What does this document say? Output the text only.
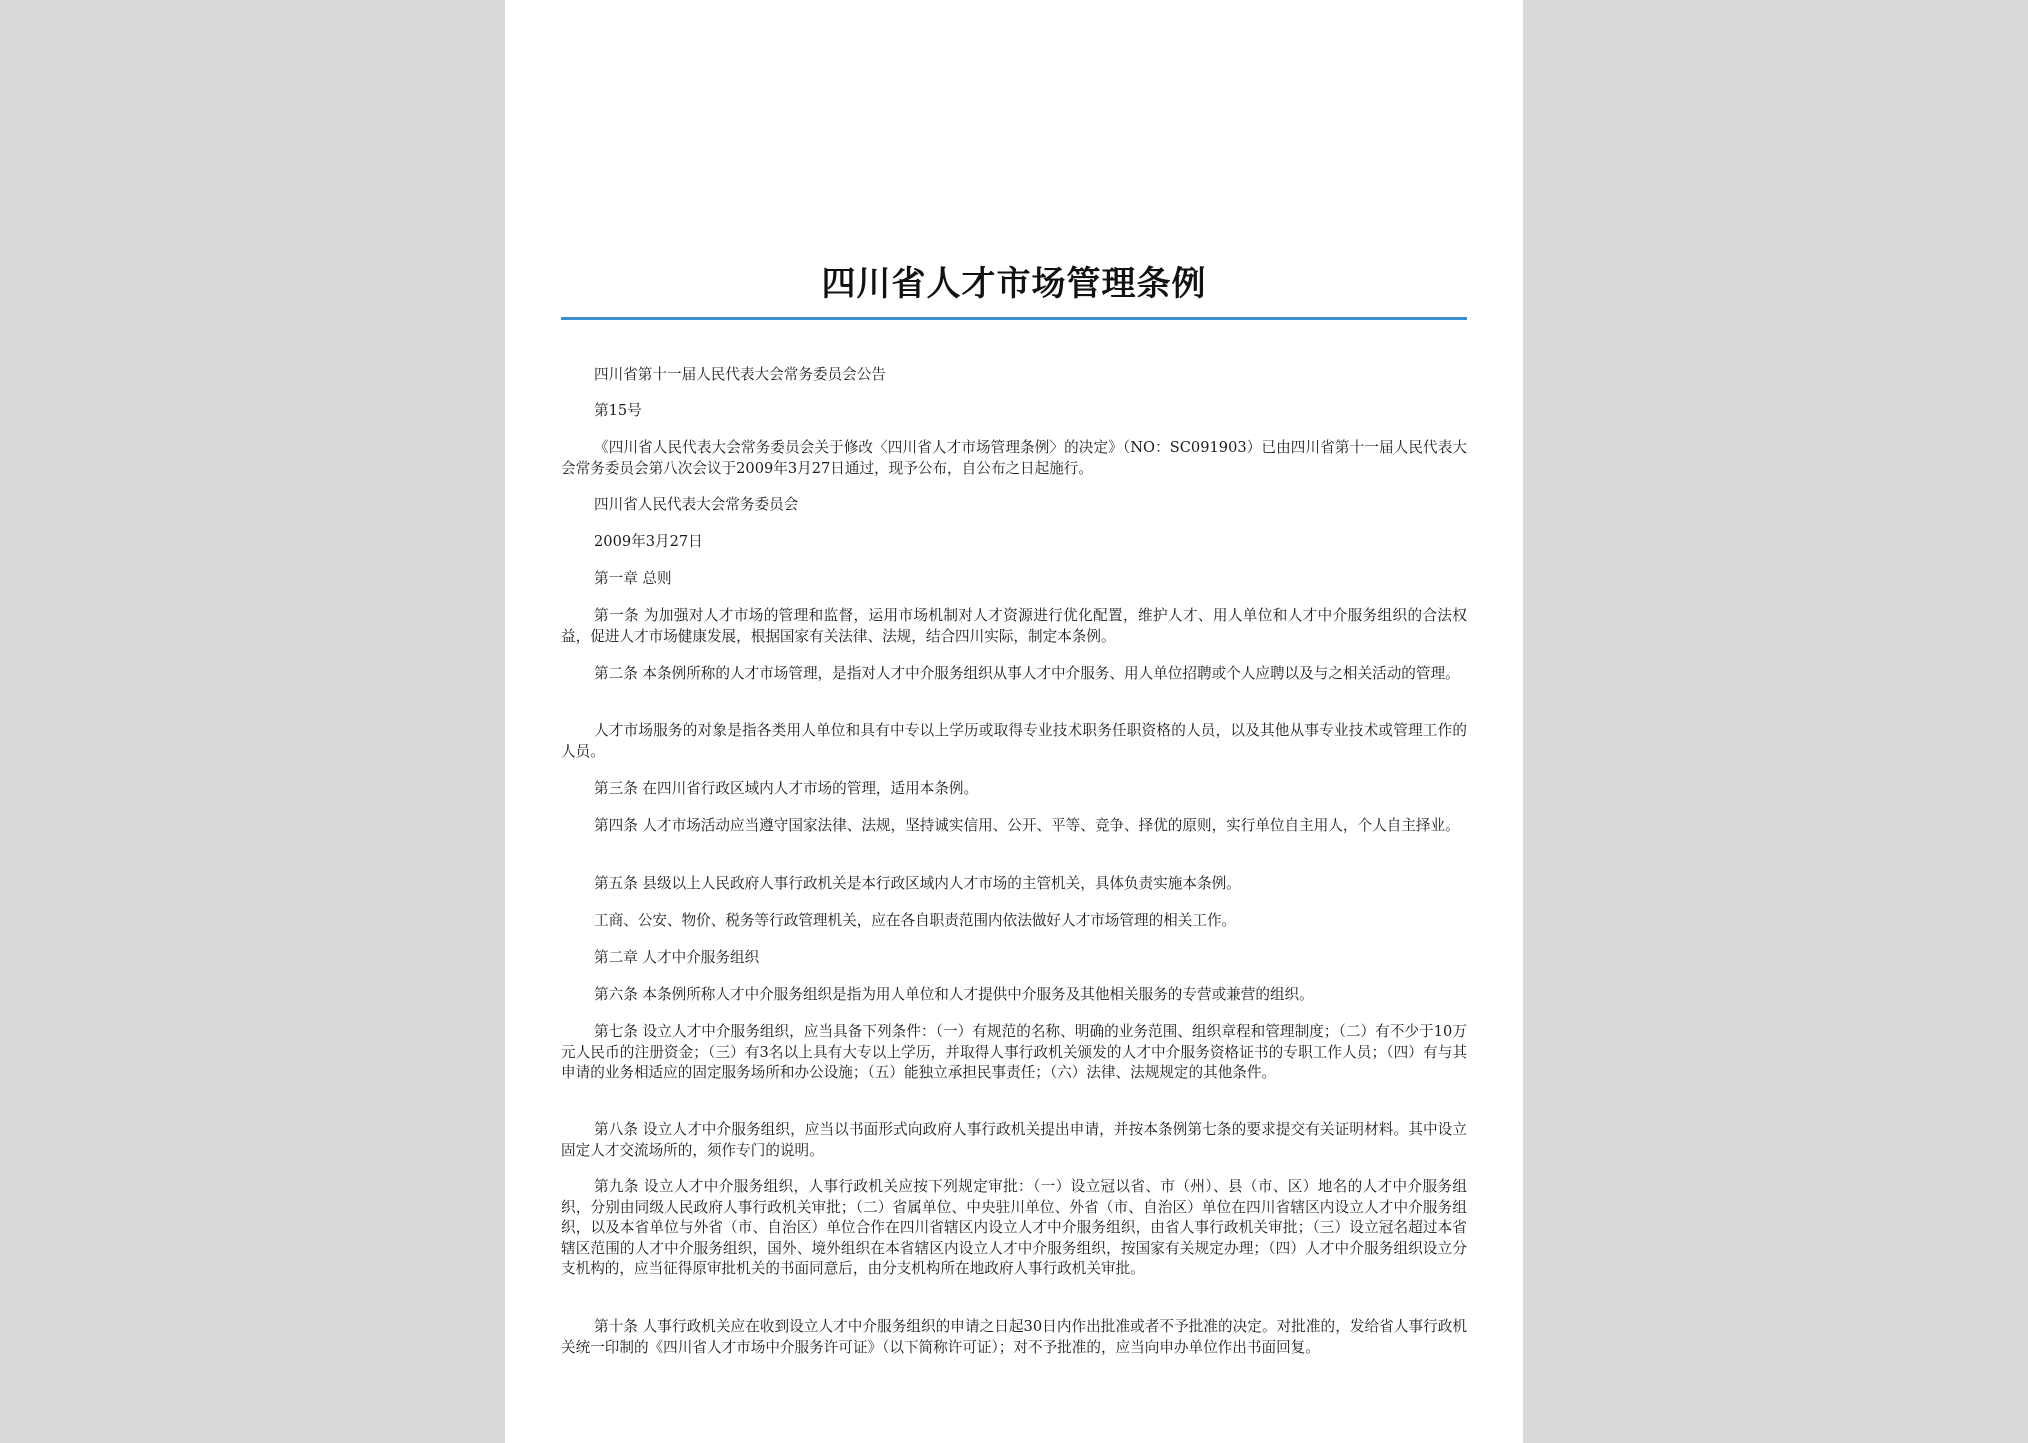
四川省人才市场管理条例

四川省第十一届人民代表大会常务委员会公告

第15号

《四川省人民代表大会常务委员会关于修改〈四川省人才市场管理条例〉的决定》（NO：SC091903）已由四川省第十一届人民代表大会常务委员会第八次会议于2009年3月27日通过，现予公布，自公布之日起施行。

四川省人民代表大会常务委员会

2009年3月27日

第一章 总则

第一条 为加强对人才市场的管理和监督，运用市场机制对人才资源进行优化配置，维护人才、用人单位和人才中介服务组织的合法权益，促进人才市场健康发展，根据国家有关法律、法规，结合四川实际，制定本条例。

第二条 本条例所称的人才市场管理，是指对人才中介服务组织从事人才中介服务、用人单位招聘或个人应聘以及与之相关活动的管理。

人才市场服务的对象是指各类用人单位和具有中专以上学历或取得专业技术职务任职资格的人员，以及其他从事专业技术或管理工作的人员。

第三条 在四川省行政区域内人才市场的管理，适用本条例。

第四条 人才市场活动应当遵守国家法律、法规，坚持诚实信用、公开、平等、竞争、择优的原则，实行单位自主用人，个人自主择业。

第五条 县级以上人民政府人事行政机关是本行政区域内人才市场的主管机关，具体负责实施本条例。

工商、公安、物价、税务等行政管理机关，应在各自职责范围内依法做好人才市场管理的相关工作。

第二章 人才中介服务组织

第六条 本条例所称人才中介服务组织是指为用人单位和人才提供中介服务及其他相关服务的专营或兼营的组织。

第七条 设立人才中介服务组织，应当具备下列条件：（一）有规范的名称、明确的业务范围、组织章程和管理制度；（二）有不少于10万元人民币的注册资金；（三）有3名以上具有大专以上学历，并取得人事行政机关颁发的人才中介服务资格证书的专职工作人员；（四）有与其申请的业务相适应的固定服务场所和办公设施；（五）能独立承担民事责任；（六）法律、法规规定的其他条件。

第八条 设立人才中介服务组织，应当以书面形式向政府人事行政机关提出申请，并按本条例第七条的要求提交有关证明材料。其中设立固定人才交流场所的，须作专门的说明。

第九条 设立人才中介服务组织，人事行政机关应按下列规定审批：（一）设立冠以省、市（州）、县（市、区）地名的人才中介服务组织，分别由同级人民政府人事行政机关审批；（二）省属单位、中央驻川单位、外省（市、自治区）单位在四川省辖区内设立人才中介服务组织，以及本省单位与外省（市、自治区）单位合作在四川省辖区内设立人才中介服务组织，由省人事行政机关审批；（三）设立冠名超过本省辖区范围的人才中介服务组织，国外、境外组织在本省辖区内设立人才中介服务组织，按国家有关规定办理；（四）人才中介服务组织设立分支机构的，应当征得原审批机关的书面同意后，由分支机构所在地政府人事行政机关审批。

第十条 人事行政机关应在收到设立人才中介服务组织的申请之日起30日内作出批准或者不予批准的决定。对批准的，发给省人事行政机关统一印制的《四川省人才市场中介服务许可证》（以下简称许可证）；对不予批准的，应当向申办单位作出书面回复。
